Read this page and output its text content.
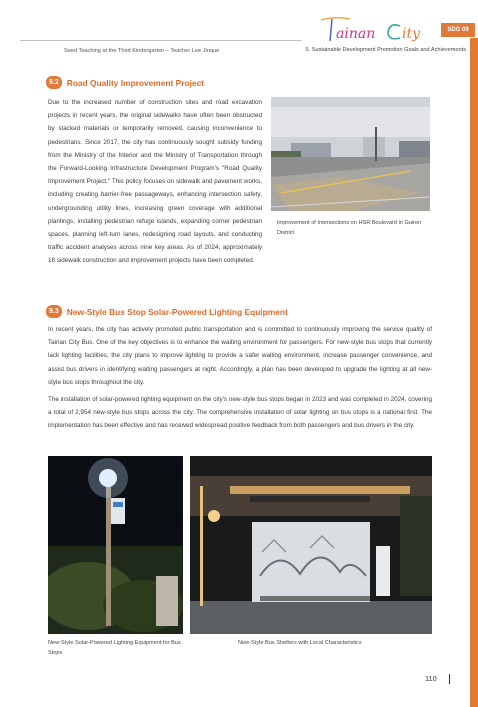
Seed Teaching at the Third Kindergarten – Teacher Lee Jinque
ainan ity	SDG 09
5. Sustainable Development Promotion Goals and Achievements
9.2 Road Quality Improvement Project
Due to the increased number of construction sites and road excavation projects in recent years, the original sidewalks have often been obstructed by stacked materials or temporarily removed, causing inconvenience to pedestrians. Since 2017, the city has continuously sought subsidy funding from the Ministry of the Interior and the Ministry of Transportation through the Forward-Looking Infrastructure Development Program's "Road Quality Improvement Project." This policy focuses on sidewalk and pavement works, including creating barrier-free passageways, enhancing intersection safety, undergrounding utility lines, increasing green coverage with additional plantings, installing pedestrian refuge islands, expanding corner pedestrian spaces, planning left-turn lanes, redesigning road layouts, and conducting traffic accident analyses across nine key areas. As of 2024, approximately 18 sidewalk construction and improvement projects have been completed.
Improvement of Intersections on HSR Boulevard in Guiren District
9.3 New-Style Bus Stop Solar-Powered Lighting Equipment
In recent years, the city has actively promoted public transportation and is committed to continuously improving the service quality of Tainan City Bus. One of the key objectives is to enhance the waiting environment for passengers. For new-style bus stops that currently lack lighting facilities, the city plans to improve lighting to provide a safer waiting environment, increase passenger convenience, and assist bus drivers in identifying waiting passengers at night. Accordingly, a plan has been developed to upgrade the lighting at all new-style bus stops throughout the city.
The installation of solar-powered lighting equipment on the city's new-style bus stops began in 2023 and was completed in 2024, covering a total of 2,954 new-style bus stops across the city. The comprehensive installation of solar lighting on bus stops is a national first. The implementation has been effective and has received widespread positive feedback from both passengers and bus drivers in the city.
New-Style Solar-Powered Lighting Equipment for Bus Stops
New-Style Bus Shelters with Local Characteristics
110
